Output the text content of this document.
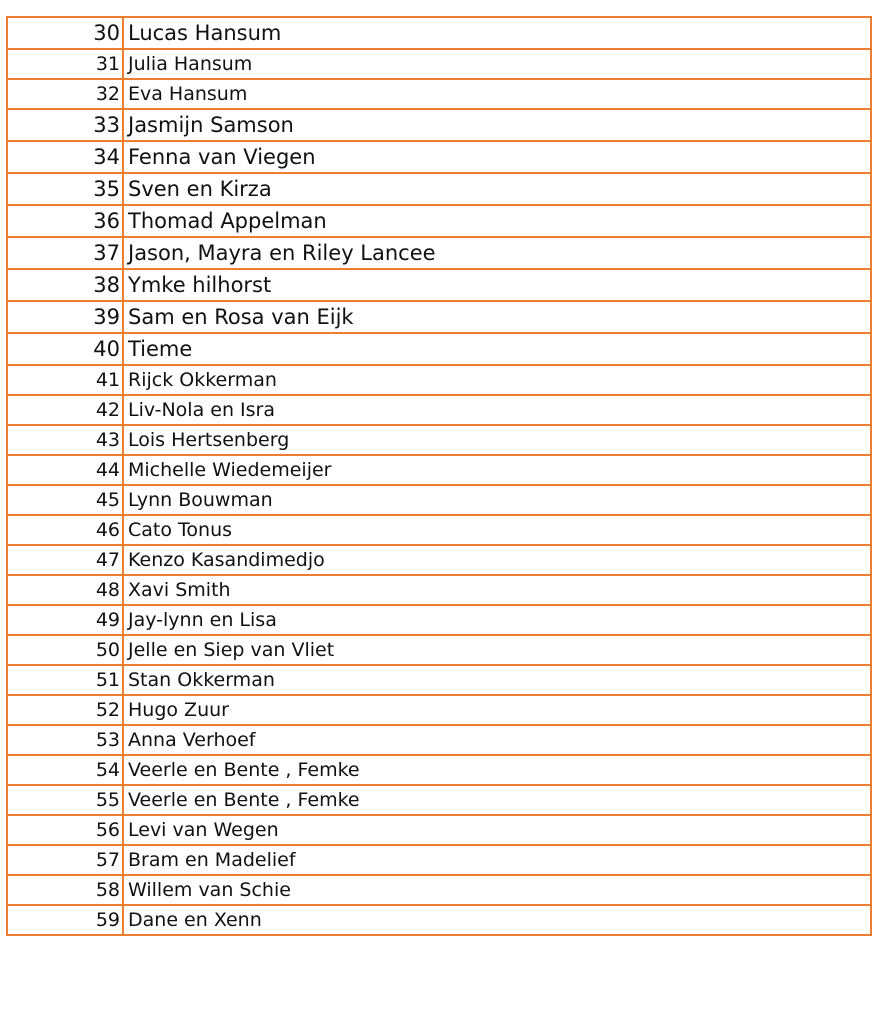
30	Lucas Hansum
31	Julia Hansum
32	Eva Hansum
33	Jasmijn Samson
34	Fenna van Viegen
35	Sven en Kirza
36	Thomad Appelman
37	Jason, Mayra en Riley Lancee
38	Ymke hilhorst
39	Sam en Rosa van Eijk
40	Tieme
41	Rijck Okkerman
42	Liv-Nola en Isra
43	Lois Hertsenberg
44	Michelle Wiedemeijer
45	Lynn Bouwman
46	Cato Tonus
47	Kenzo Kasandimedjo
48	Xavi Smith
49	Jay-lynn en Lisa
50	Jelle en Siep van Vliet
51	Stan Okkerman
52	Hugo Zuur
53	Anna Verhoef
54	Veerle en Bente , Femke
55	Veerle en Bente , Femke
56	Levi van Wegen
57	Bram en Madelief
58	Willem van Schie
59	Dane en Xenn
